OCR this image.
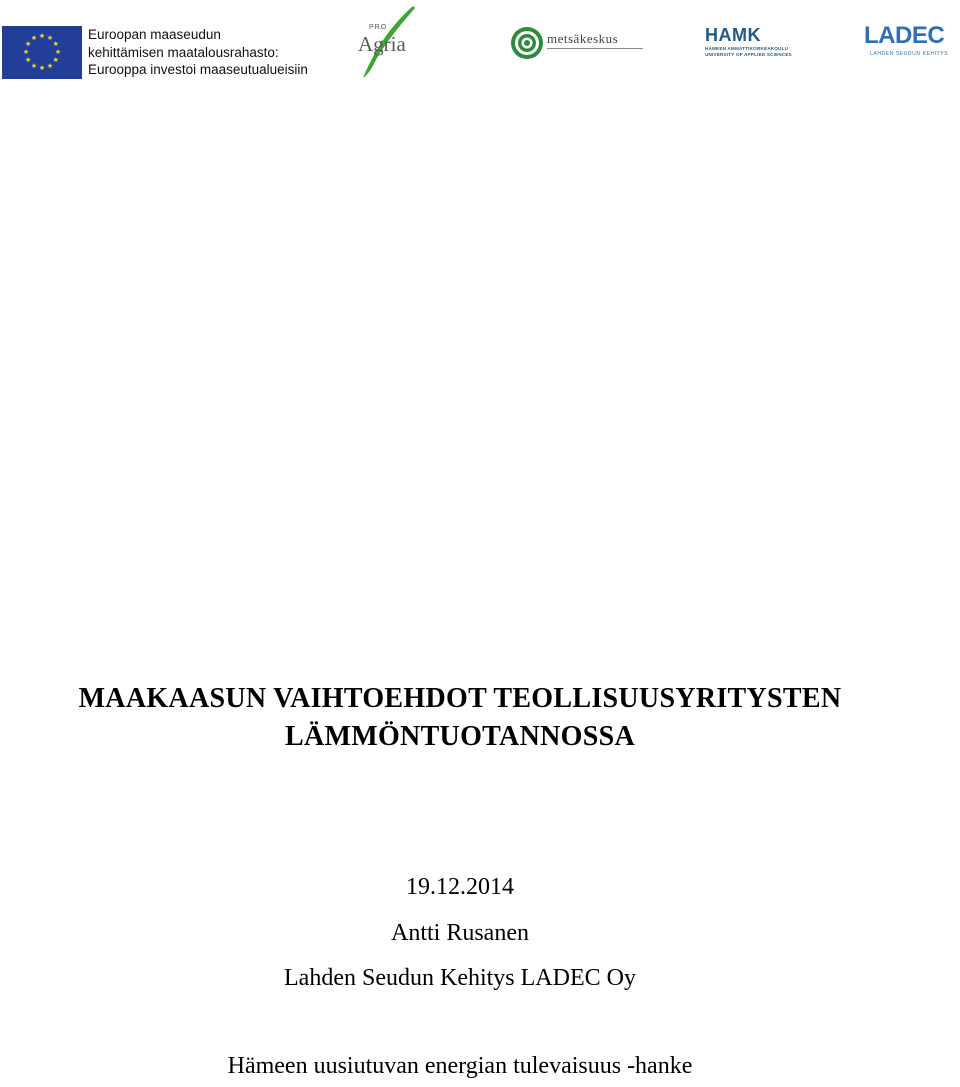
★ ★
★
★
★
★
★
★
★
★
★
★	Euroopan maaseudun
kehittämisen maatalousrahasto:
Eurooppa investoi maaseutualueisiin
PRO
Agria	metsäkeskus	HAMK
HÄMEEN AMMATTIKORKEAKOULU
UNIVERSITY OF APPLIED SCIENCES
LADEC
LAHDEN SEUDUN KEHITYS
MAAKAASUN VAIHTOEHDOT TEOLLISUUSYRITYSTEN
LÄMMÖNTUOTANNOSSA
19.12.2014
Antti Rusanen
Lahden Seudun Kehitys LADEC Oy
Hämeen uusiutuvan energian tulevaisuus -hanke
